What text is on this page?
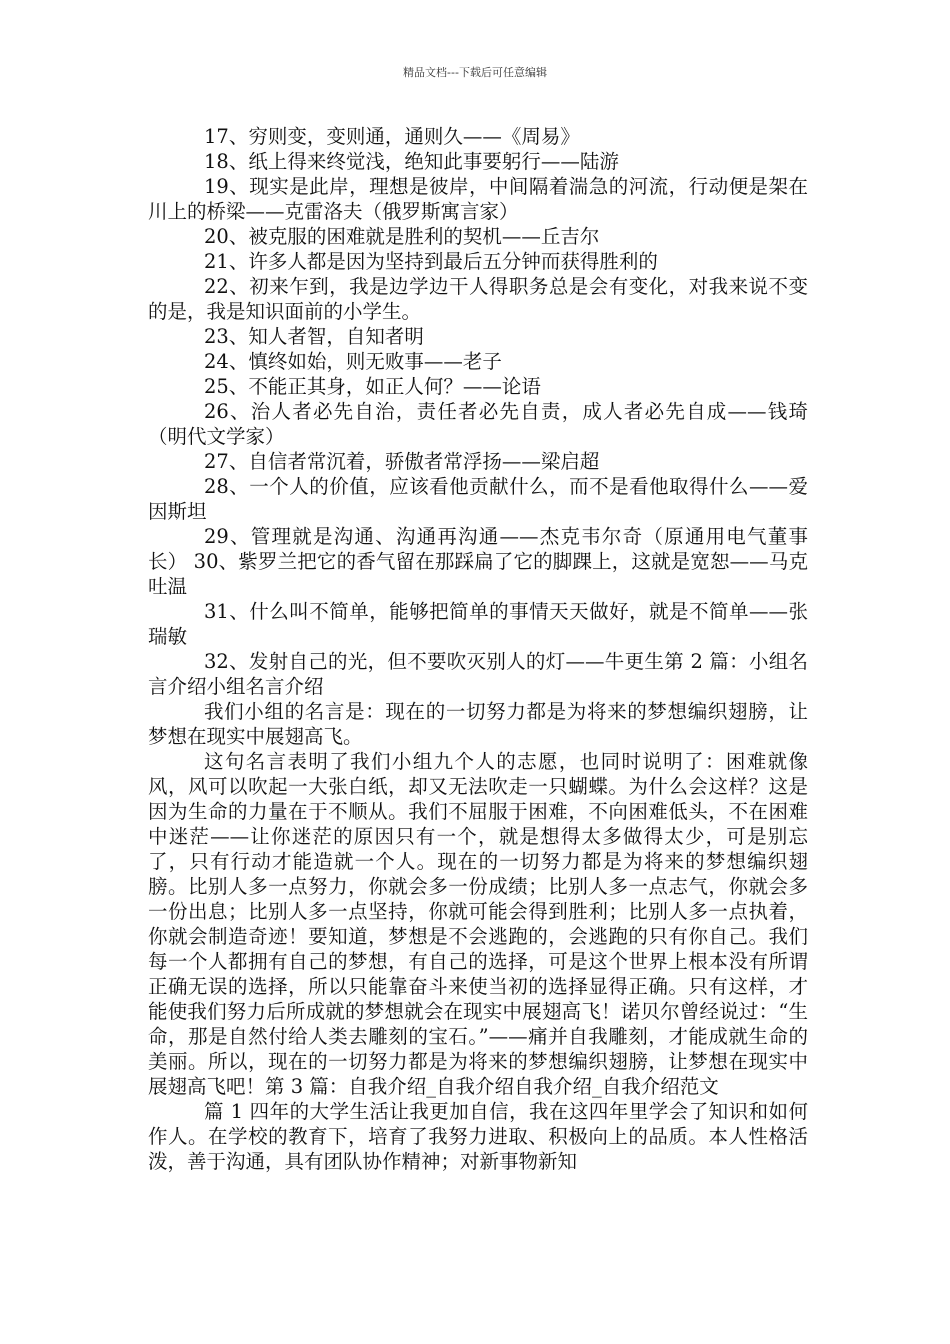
精品文档---下载后可任意编辑

17、穷则变，变则通，通则久——《周易》

18、纸上得来终觉浅，绝知此事要躬行——陆游

19、现实是此岸，理想是彼岸，中间隔着湍急的河流，行动便是架在川上的桥梁——克雷洛夫（俄罗斯寓言家）

20、被克服的困难就是胜利的契机——丘吉尔

21、许多人都是因为坚持到最后五分钟而获得胜利的

22、初来乍到，我是边学边干人得职务总是会有变化，对我来说不变的是，我是知识面前的小学生。

23、知人者智，自知者明

24、慎终如始，则无败事——老子

25、不能正其身，如正人何？——论语

26、治人者必先自治，责任者必先自责，成人者必先自成——钱琦（明代文学家）

27、自信者常沉着，骄傲者常浮扬——梁启超

28、一个人的价值，应该看他贡献什么，而不是看他取得什么——爱因斯坦

29、管理就是沟通、沟通再沟通——杰克韦尔奇（原通用电气董事长） 30、紫罗兰把它的香气留在那踩扁了它的脚踝上，这就是宽恕——马克吐温

31、什么叫不简单，能够把简单的事情天天做好，就是不简单——张瑞敏

32、发射自己的光，但不要吹灭别人的灯——牛更生第 2 篇：小组名言介绍小组名言介绍

我们小组的名言是：现在的一切努力都是为将来的梦想编织翅膀，让梦想在现实中展翅高飞。

这句名言表明了我们小组九个人的志愿，也同时说明了：困难就像风，风可以吹起一大张白纸，却又无法吹走一只蝴蝶。为什么会这样？这是因为生命的力量在于不顺从。我们不屈服于困难，不向困难低头，不在困难中迷茫——让你迷茫的原因只有一个，就是想得太多做得太少，可是别忘了，只有行动才能造就一个人。现在的一切努力都是为将来的梦想编织翅膀。比别人多一点努力，你就会多一份成绩；比别人多一点志气，你就会多一份出息；比别人多一点坚持，你就可能会得到胜利；比别人多一点执着，你就会制造奇迹！要知道，梦想是不会逃跑的，会逃跑的只有你自己。我们每一个人都拥有自己的梦想，有自己的选择，可是这个世界上根本没有所谓正确无误的选择，所以只能靠奋斗来使当初的选择显得正确。只有这样，才能使我们努力后所成就的梦想就会在现实中展翅高飞！诺贝尔曾经说过：“生命，那是自然付给人类去雕刻的宝石。”——痛并自我雕刻，才能成就生命的美丽。所以，现在的一切努力都是为将来的梦想编织翅膀，让梦想在现实中展翅高飞吧！第 3 篇：自我介绍_自我介绍自我介绍_自我介绍范文

篇 1 四年的大学生活让我更加自信，我在这四年里学会了知识和如何作人。在学校的教育下，培育了我努力进取、积极向上的品质。本人性格活泼，善于沟通，具有团队协作精神；对新事物新知
